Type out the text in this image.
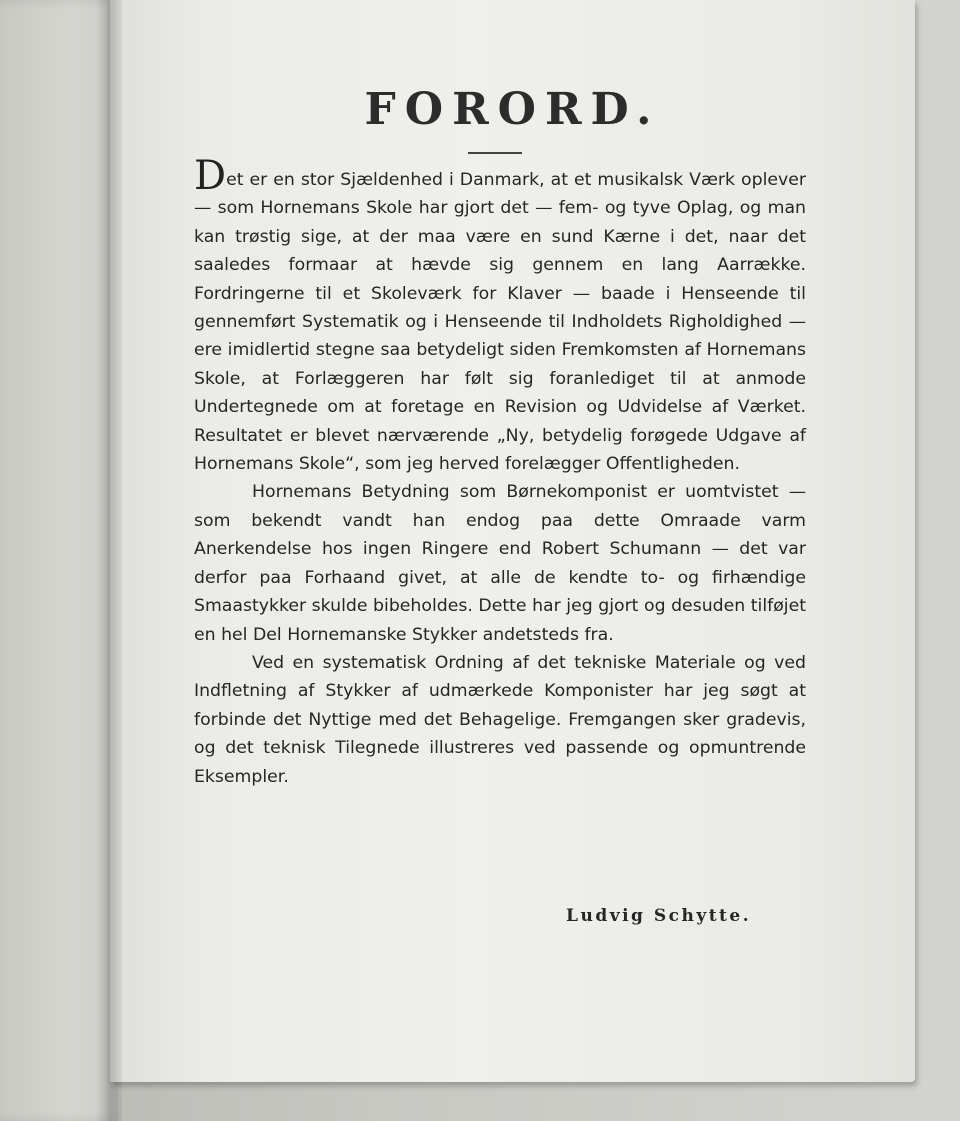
FORORD.

Det er en stor Sjældenhed i Danmark, at et musikalsk Værk oplever — som Hornemans Skole har gjort det — fem- og tyve Oplag, og man kan trøstig sige, at der maa være en sund Kærne i det, naar det saaledes formaar at hævde sig gennem en lang Aarrække. Fordringerne til et Skoleværk for Klaver — baade i Henseende til gennemført Systematik og i Henseende til Indholdets Righoldighed — ere imidlertid stegne saa betydeligt siden Fremkomsten af Hornemans Skole, at Forlæggeren har følt sig foranlediget til at anmode Undertegnede om at foretage en Revision og Udvidelse af Værket. Resultatet er blevet nærværende „Ny, betydelig forøgede Udgave af Hornemans Skole“, som jeg herved forelægger Offentligheden.

Hornemans Betydning som Børnekomponist er uomtvistet — som bekendt vandt han endog paa dette Omraade varm Anerkendelse hos ingen Ringere end Robert Schumann — det var derfor paa Forhaand givet, at alle de kendte to- og firhændige Smaastykker skulde bibeholdes. Dette har jeg gjort og desuden tilføjet en hel Del Hornemanske Stykker andetsteds fra.

Ved en systematisk Ordning af det tekniske Materiale og ved Indfletning af Stykker af udmærkede Komponister har jeg søgt at forbinde det Nyttige med det Behagelige. Fremgangen sker gradevis, og det teknisk Tilegnede illustreres ved passende og opmuntrende Eksempler.

Ludvig Schytte.
